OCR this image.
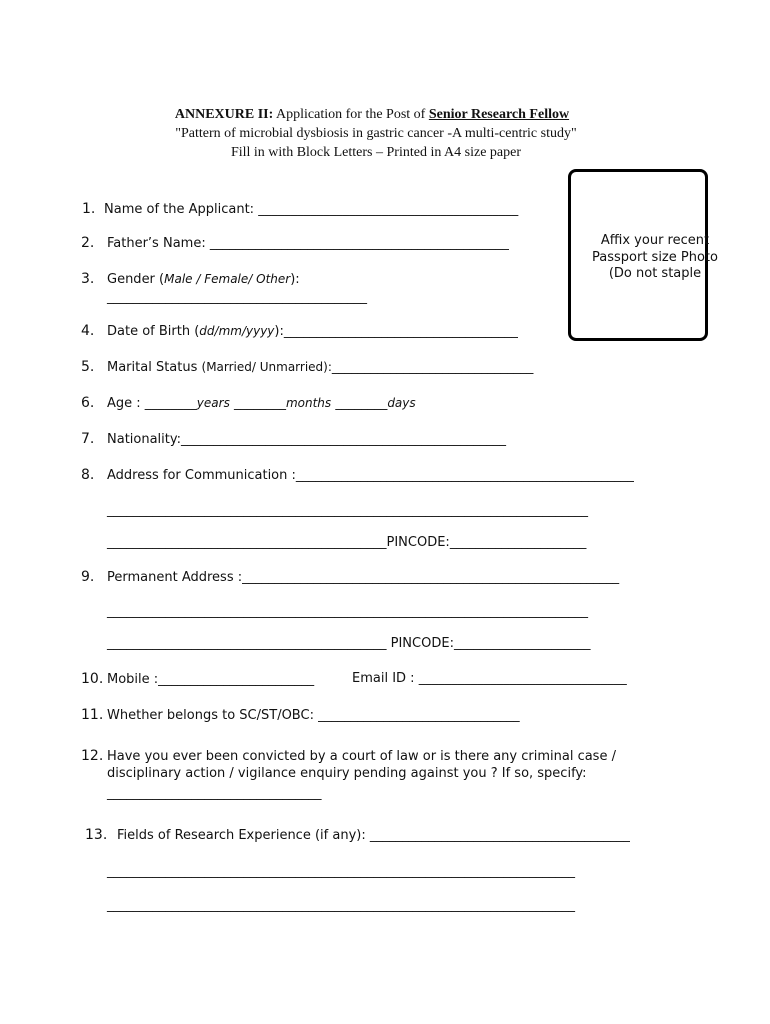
ANNEXURE II: Application for the Post of Senior Research Fellow
"Pattern of microbial dysbiosis in gastric cancer -A multi-centric study"
Fill in with Block Letters – Printed in A4 size paper
Affix your recent
Passport size Photo
(Do not staple
1. Name of the Applicant: ________________________________________
2. Father’s Name: ______________________________________________
3. Gender (Male / Female/ Other):
________________________________________
4. Date of Birth (dd/mm/yyyy):____________________________________
5. Marital Status (Married/ Unmarried):_______________________________
6. Age : ________years ________months ________days
7. Nationality:__________________________________________________
8. Address for Communication :____________________________________________________
__________________________________________________________________________
___________________________________________PINCODE:_____________________
9. Permanent Address :__________________________________________________________
__________________________________________________________________________
___________________________________________ PINCODE:_____________________
10. Mobile :________________________	Email ID : ________________________________
11. Whether belongs to SC/ST/OBC: _______________________________
12. Have you ever been convicted by a court of law or is there any criminal case /
disciplinary action / vigilance enquiry pending against you ? If so, specify:
_________________________________
13. Fields of Research Experience (if any): ________________________________________
________________________________________________________________________
________________________________________________________________________
